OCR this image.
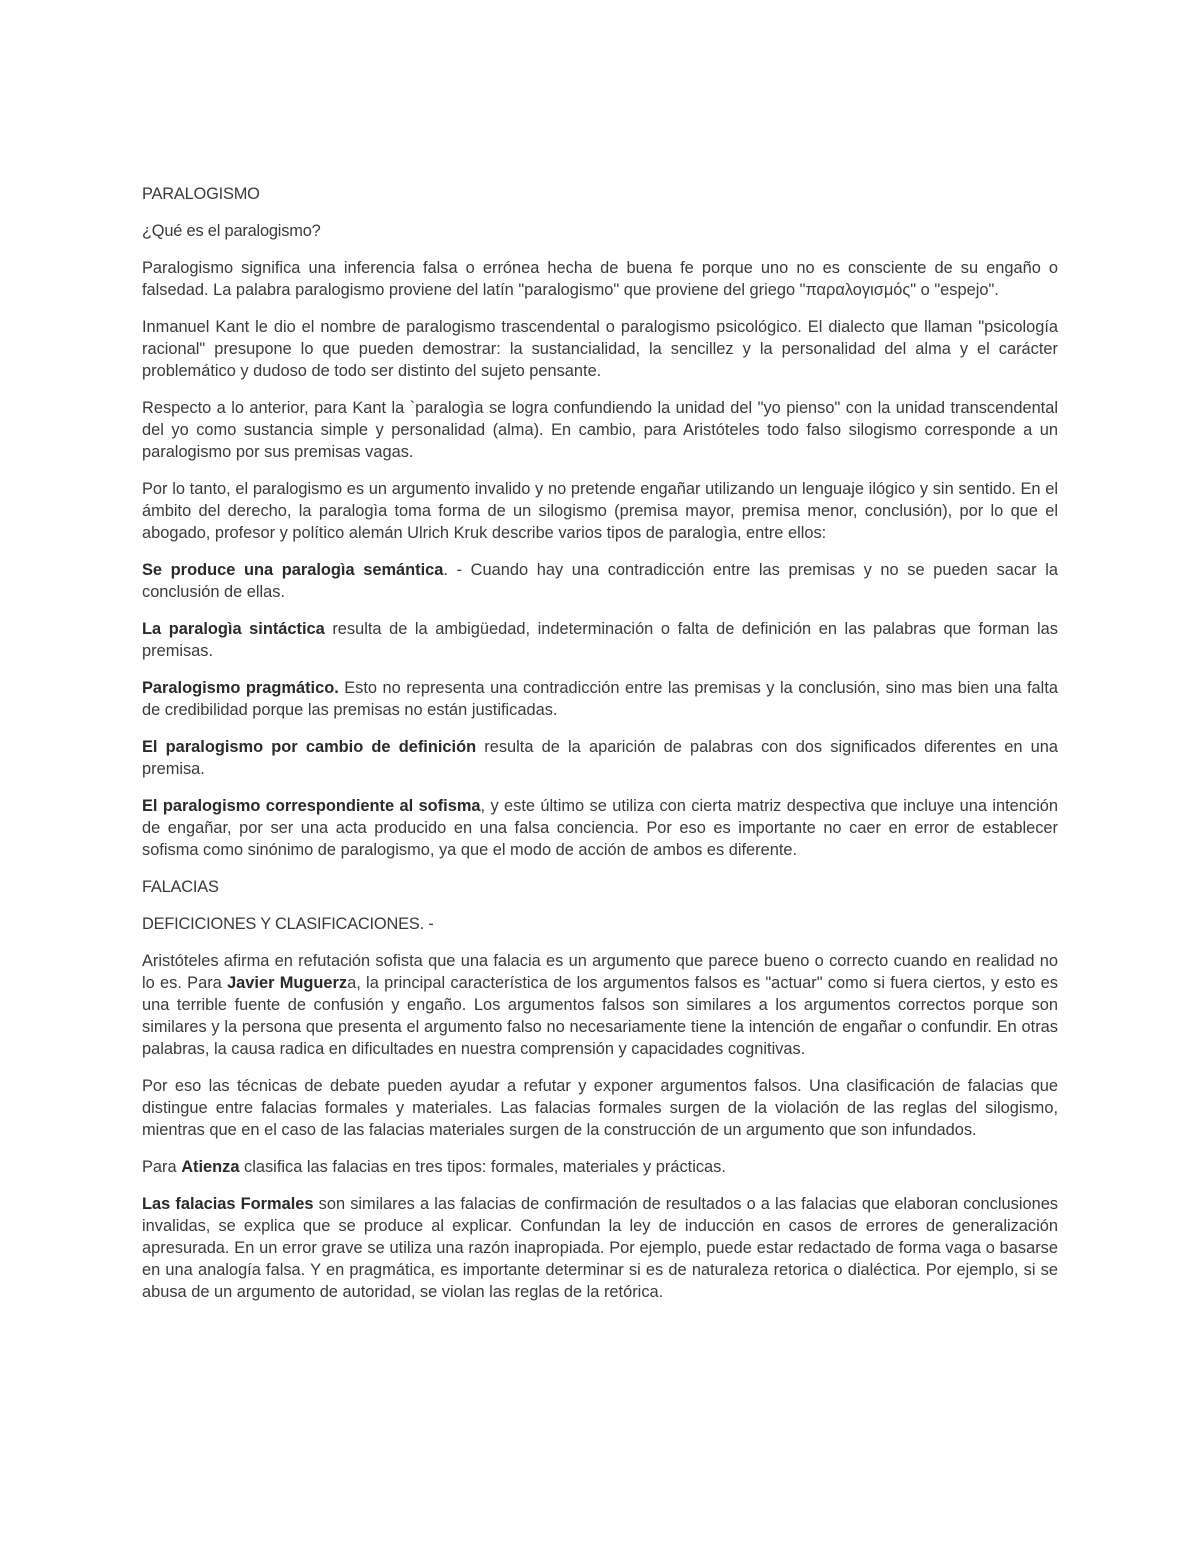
PARALOGISMO

¿Qué es el paralogismo?

Paralogismo significa una inferencia falsa o errónea hecha de buena fe porque uno no es consciente de su engaño o falsedad. La palabra paralogismo proviene del latín "paralogismo" que proviene del griego "παραλογισμός" o "espejo".

Inmanuel Kant le dio el nombre de paralogismo trascendental o paralogismo psicológico. El dialecto que llaman "psicología racional" presupone lo que pueden demostrar: la sustancialidad, la sencillez y la personalidad del alma y el carácter problemático y dudoso de todo ser distinto del sujeto pensante.

Respecto a lo anterior, para Kant la `paralogìa se logra confundiendo la unidad del "yo pienso" con la unidad transcendental del yo como sustancia simple y personalidad (alma). En cambio, para Aristóteles todo falso silogismo corresponde a un paralogismo por sus premisas vagas.

Por lo tanto, el paralogismo es un argumento invalido y no pretende engañar utilizando un lenguaje ilógico y sin sentido. En el ámbito del derecho, la paralogìa toma forma de un silogismo (premisa mayor, premisa menor, conclusión), por lo que el abogado, profesor y político alemán Ulrich Kruk describe varios tipos de paralogìa, entre ellos:

Se produce una paralogìa semántica. - Cuando hay una contradicción entre las premisas y no se pueden sacar la conclusión de ellas.

La paralogìa sintáctica resulta de la ambigüedad, indeterminación o falta de definición en las palabras que forman las premisas.

Paralogismo pragmático. Esto no representa una contradicción entre las premisas y la conclusión, sino mas bien una falta de credibilidad porque las premisas no están justificadas.

El paralogismo por cambio de definición resulta de la aparición de palabras con dos significados diferentes en una premisa.

El paralogismo correspondiente al sofisma, y este último se utiliza con cierta matriz despectiva que incluye una intención de engañar, por ser una acta producido en una falsa conciencia. Por eso es importante no caer en error de establecer sofisma como sinónimo de paralogismo, ya que el modo de acción de ambos es diferente.

FALACIAS

DEFICICIONES Y CLASIFICACIONES. -

Aristóteles afirma en refutación sofista que una falacia es un argumento que parece bueno o correcto cuando en realidad no lo es. Para Javier Muguerza, la principal característica de los argumentos falsos es "actuar" como si fuera ciertos, y esto es una terrible fuente de confusión y engaño. Los argumentos falsos son similares a los argumentos correctos porque son similares y la persona que presenta el argumento falso no necesariamente tiene la intención de engañar o confundir. En otras palabras, la causa radica en dificultades en nuestra comprensión y capacidades cognitivas.

Por eso las técnicas de debate pueden ayudar a refutar y exponer argumentos falsos. Una clasificación de falacias que distingue entre falacias formales y materiales. Las falacias formales surgen de la violación de las reglas del silogismo, mientras que en el caso de las falacias materiales surgen de la construcción de un argumento que son infundados.

Para Atienza clasifica las falacias en tres tipos: formales, materiales y prácticas.

Las falacias Formales son similares a las falacias de confirmación de resultados o a las falacias que elaboran conclusiones invalidas, se explica que se produce al explicar. Confundan la ley de inducción en casos de errores de generalización apresurada. En un error grave se utiliza una razón inapropiada. Por ejemplo, puede estar redactado de forma vaga o basarse en una analogía falsa. Y en pragmática, es importante determinar si es de naturaleza retorica o dialéctica. Por ejemplo, si se abusa de un argumento de autoridad, se violan las reglas de la retórica.
